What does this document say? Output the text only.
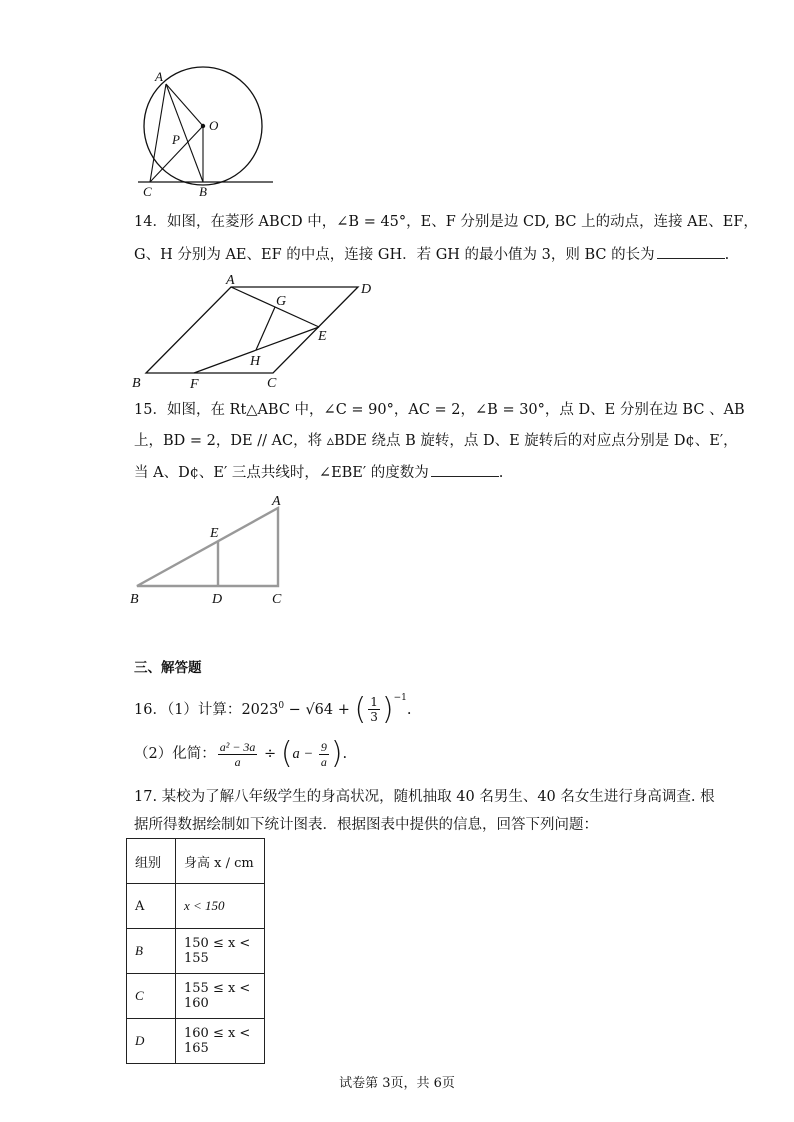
A
O
P
C	B
14．如图，在菱形 ABCD 中，∠B = 45°，E、F 分别是边 CD, BC 上的动点，连接 AE、EF，
G、H 分别为 AE、EF 的中点，连接 GH．若 GH 的最小值为 3，则 BC 的长为	.
A
D
G
E
H
B	F	C
15．如图，在 Rt△ABC 中，∠C = 90°，AC = 2，∠B = 30°，点 D、E 分别在边 BC 、AB
上，BD = 2，DE // AC，将 ▵BDE 绕点 B 旋转，点 D、E 旋转后的对应点分别是 D¢、E′，
当 A、D¢、E′ 三点共线时，∠EBE′ 的度数为	.
A
E
B	D	C
三、解答题
16．（1）计算：$2023^0 - √64$ + ( $\frac{1}{3} )^{-1}$.
（2）化简： $\frac{\text{a² − 3a}}{a} \div (a - \frac{9}{a}$ ).
17. 某校为了解八年级学生的身高状况，随机抽取 40 名男生、40 名女生进行身高调查. 根
据所得数据绘制如下统计图表．根据图表中提供的信息，回答下列问题：
组别	身高 x / cm
A	x < 150
B	150 ≤ x < 155
C	155 ≤ x < 160
D	160 ≤ x < 165
试卷第 3页，共 6页
